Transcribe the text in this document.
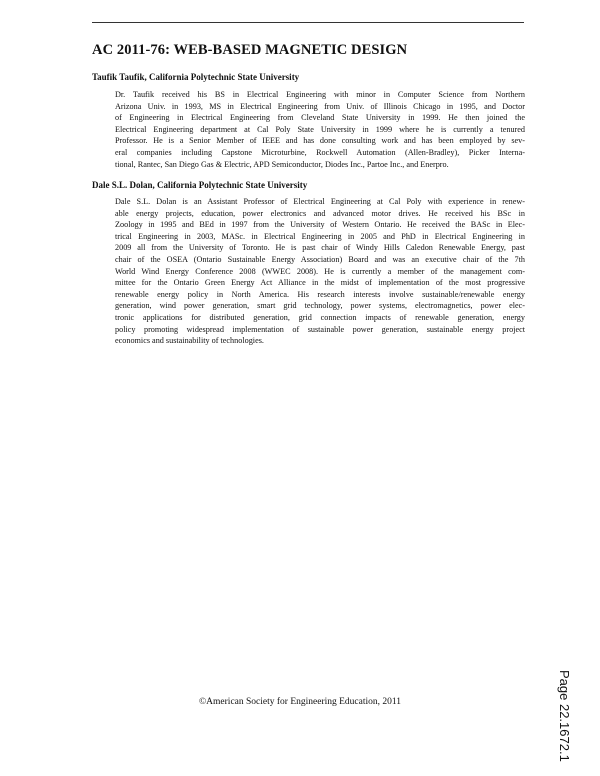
AC 2011-76: WEB-BASED MAGNETIC DESIGN

Taufik Taufik, California Polytechnic State University

Dr. Taufik received his BS in Electrical Engineering with minor in Computer Science from Northern
Arizona Univ. in 1993, MS in Electrical Engineering from Univ. of Illinois Chicago in 1995, and Doctor
of Engineering in Electrical Engineering from Cleveland State University in 1999. He then joined the
Electrical Engineering department at Cal Poly State University in 1999 where he is currently a tenured
Professor. He is a Senior Member of IEEE and has done consulting work and has been employed by sev-
eral companies including Capstone Microturbine, Rockwell Automation (Allen-Bradley), Picker Interna-
tional, Rantec, San Diego Gas & Electric, APD Semiconductor, Diodes Inc., Partoe Inc., and Enerpro.

Dale S.L. Dolan, California Polytechnic State University

Dale S.L. Dolan is an Assistant Professor of Electrical Engineering at Cal Poly with experience in renew-
able energy projects, education, power electronics and advanced motor drives. He received his BSc in
Zoology in 1995 and BEd in 1997 from the University of Western Ontario. He received the BASc in Elec-
trical Engineering in 2003, MASc. in Electrical Engineering in 2005 and PhD in Electrical Engineering in
2009 all from the University of Toronto. He is past chair of Windy Hills Caledon Renewable Energy, past
chair of the OSEA (Ontario Sustainable Energy Association) Board and was an executive chair of the 7th
World Wind Energy Conference 2008 (WWEC 2008). He is currently a member of the management com-
mittee for the Ontario Green Energy Act Alliance in the midst of implementation of the most progressive
renewable energy policy in North America. His research interests involve sustainable/renewable energy
generation, wind power generation, smart grid technology, power systems, electromagnetics, power elec-
tronic applications for distributed generation, grid connection impacts of renewable generation, energy
policy promoting widespread implementation of sustainable power generation, sustainable energy project
economics and sustainability of technologies.

©American Society for Engineering Education, 2011	Page 22.1672.1
